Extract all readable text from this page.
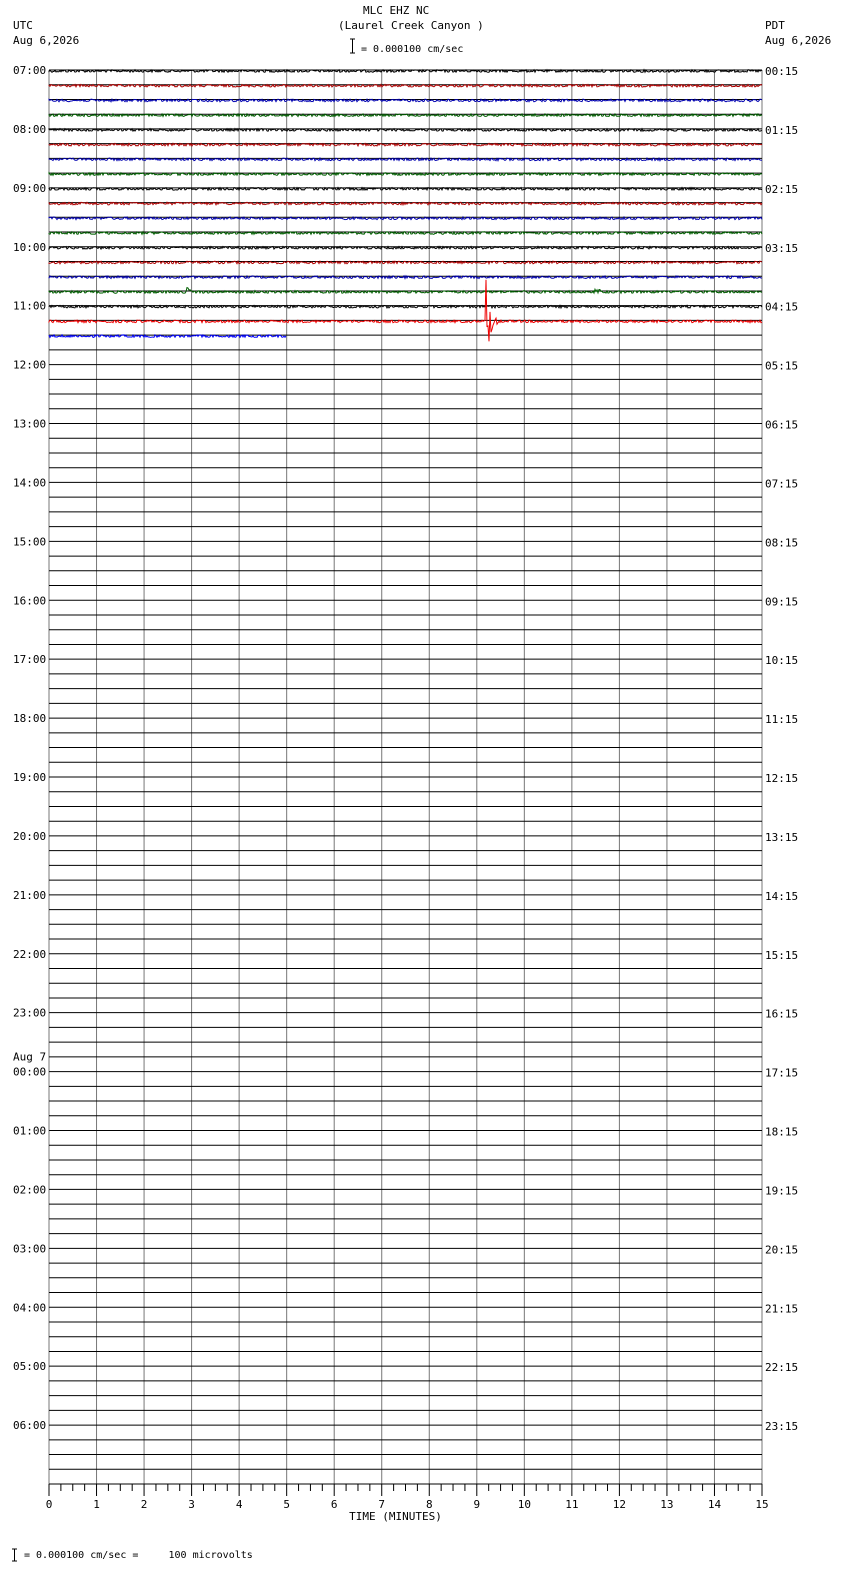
MLC EHZ NC
(Laurel Creek Canyon )
= 0.000100 cm/sec
UTC
Aug 6,2026
PDT
Aug 6,2026
07:00
08:00
09:00
10:00
11:00
12:00
13:00
14:00
15:00
16:00
17:00
18:00
19:00
20:00
21:00
22:00
23:00
00:00
01:00
02:00
03:00
04:00
05:00
06:00
Aug 7
00:15
01:15
02:15
03:15
04:15
05:15
06:15
07:15
08:15
09:15
10:15
11:15
12:15
13:15
14:15
15:15
16:15
17:15
18:15
19:15
20:15
21:15
22:15
23:15
0	1	2	3	4	5	6	7	8	9	10	11	12	13	14	15
TIME (MINUTES)
= 0.000100 cm/sec =     100 microvolts
